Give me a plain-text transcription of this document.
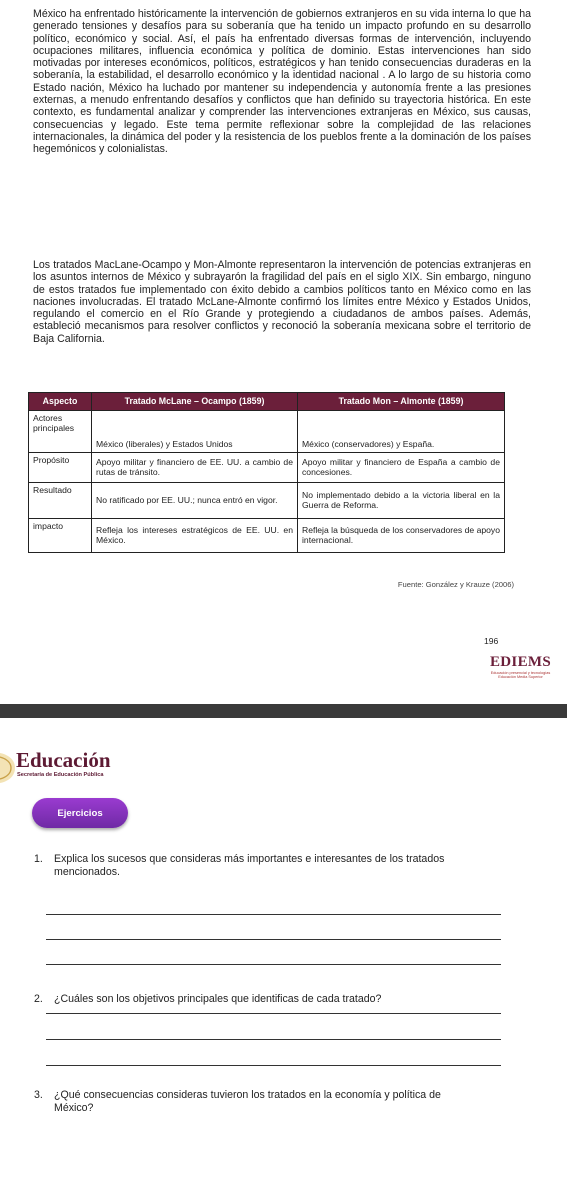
México ha enfrentado históricamente la intervención de gobiernos extranjeros en su vida interna lo que ha generado tensiones y desafíos para su soberanía que ha tenido un impacto profundo en su desarrollo político, económico y social. Así, el país ha enfrentado diversas formas de intervención, incluyendo ocupaciones militares, influencia económica y política de dominio. Estas intervenciones han sido motivadas por intereses económicos, políticos, estratégicos y han tenido consecuencias duraderas en la soberanía, la estabilidad, el desarrollo económico y la identidad nacional . A lo largo de su historia como Estado nación, México ha luchado por mantener su independencia y autonomía frente a las presiones externas, a menudo enfrentando desafíos y conflictos que han definido su trayectoria histórica. En este contexto, es fundamental analizar y comprender las intervenciones extranjeras en México, sus causas, consecuencias y legado. Este tema permite reflexionar sobre la complejidad de las relaciones internacionales, la dinámica del poder y la resistencia de los pueblos frente a la dominación de los países hegemónicos y colonialistas.

Los tratados MacLane-Ocampo y Mon-Almonte representaron la intervención de potencias extranjeras en los asuntos internos de México y subrayarón la fragilidad del país en el siglo XIX. Sin embargo, ninguno de estos tratados fue implementado con éxito debido a cambios políticos tanto en México como en las naciones involucradas. El tratado McLane-Almonte confirmó los límites entre México y Estados Unidos, regulando el comercio en el Río Grande y protegiendo a ciudadanos de ambos países. Además, estableció mecanismos para resolver conflictos y reconoció la soberanía mexicana sobre el territorio de Baja California.

Aspecto	Tratado McLane – Ocampo (1859)	Tratado Mon – Almonte (1859)
Actores principales	México (liberales) y Estados Unidos	México (conservadores) y España.
Propósito	Apoyo militar y financiero de EE. UU. a cambio de rutas de tránsito.	Apoyo militar y financiero de España a cambio de concesiones.
Resultado	No ratificado por EE. UU.; nunca entró en vigor.	No implementado debido a la victoria liberal en la Guerra de Reforma.
impacto	Refleja los intereses estratégicos de EE. UU. en México.	Refleja la búsqueda de los conservadores de apoyo internacional.
Fuente: González y Krauze (2006)
196
EDIEMS
Educación presencial y tecnologías
Educación Media Superior
Educación
Secretaría de Educación Pública
Ejercicios
1. Explica los sucesos que consideras más importantes e interesantes de los tratados
mencionados.
2. ¿Cuáles son los objetivos principales que identificas de cada tratado?
3. ¿Qué consecuencias consideras tuvieron los tratados en la economía y política de
México?
